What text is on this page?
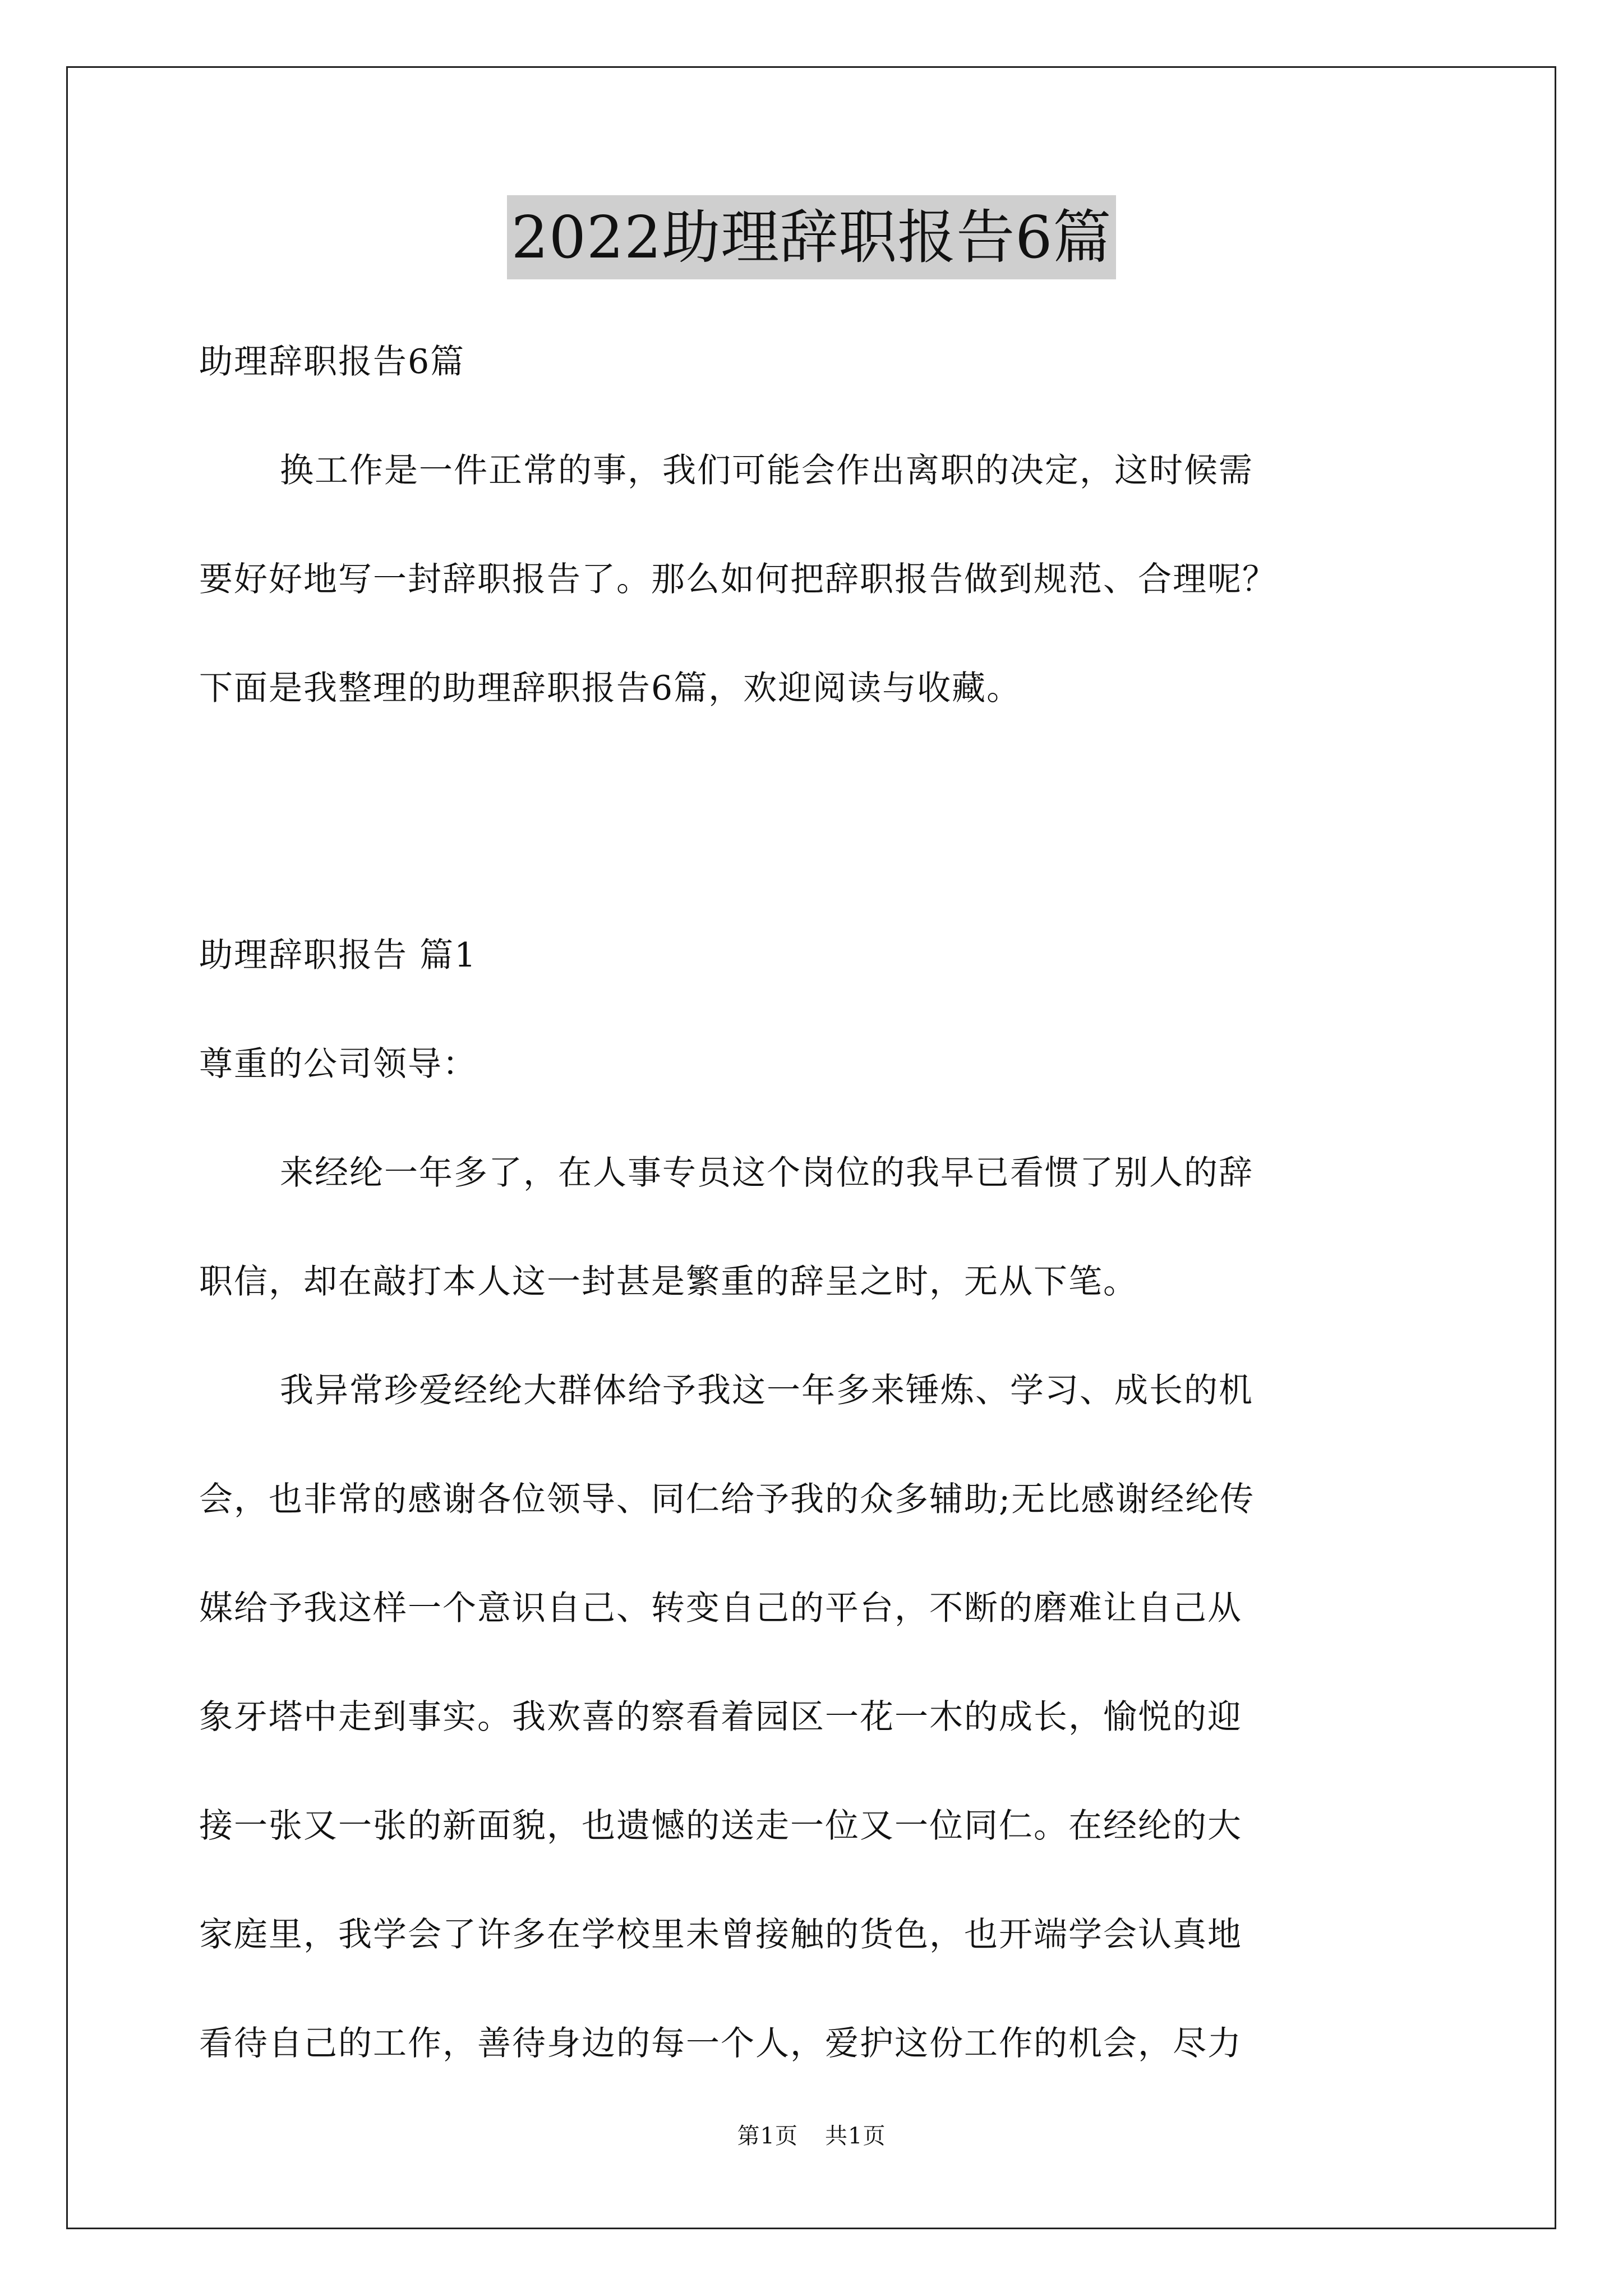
2022助理辞职报告6篇
助理辞职报告6篇
换工作是一件正常的事，我们可能会作出离职的决定，这时候需
要好好地写一封辞职报告了。那么如何把辞职报告做到规范、合理呢？
下面是我整理的助理辞职报告6篇，欢迎阅读与收藏。
助理辞职报告 篇1
尊重的公司领导：
来经纶一年多了，在人事专员这个岗位的我早已看惯了别人的辞
职信，却在敲打本人这一封甚是繁重的辞呈之时，无从下笔。
我异常珍爱经纶大群体给予我这一年多来锤炼、学习、成长的机
会，也非常的感谢各位领导、同仁给予我的众多辅助;无比感谢经纶传
媒给予我这样一个意识自己、转变自己的平台，不断的磨难让自己从
象牙塔中走到事实。我欢喜的察看着园区一花一木的成长，愉悦的迎
接一张又一张的新面貌，也遗憾的送走一位又一位同仁。在经纶的大
家庭里，我学会了许多在学校里未曾接触的货色，也开端学会认真地
看待自己的工作，善待身边的每一个人，爱护这份工作的机会，尽力
第1页 共1页
